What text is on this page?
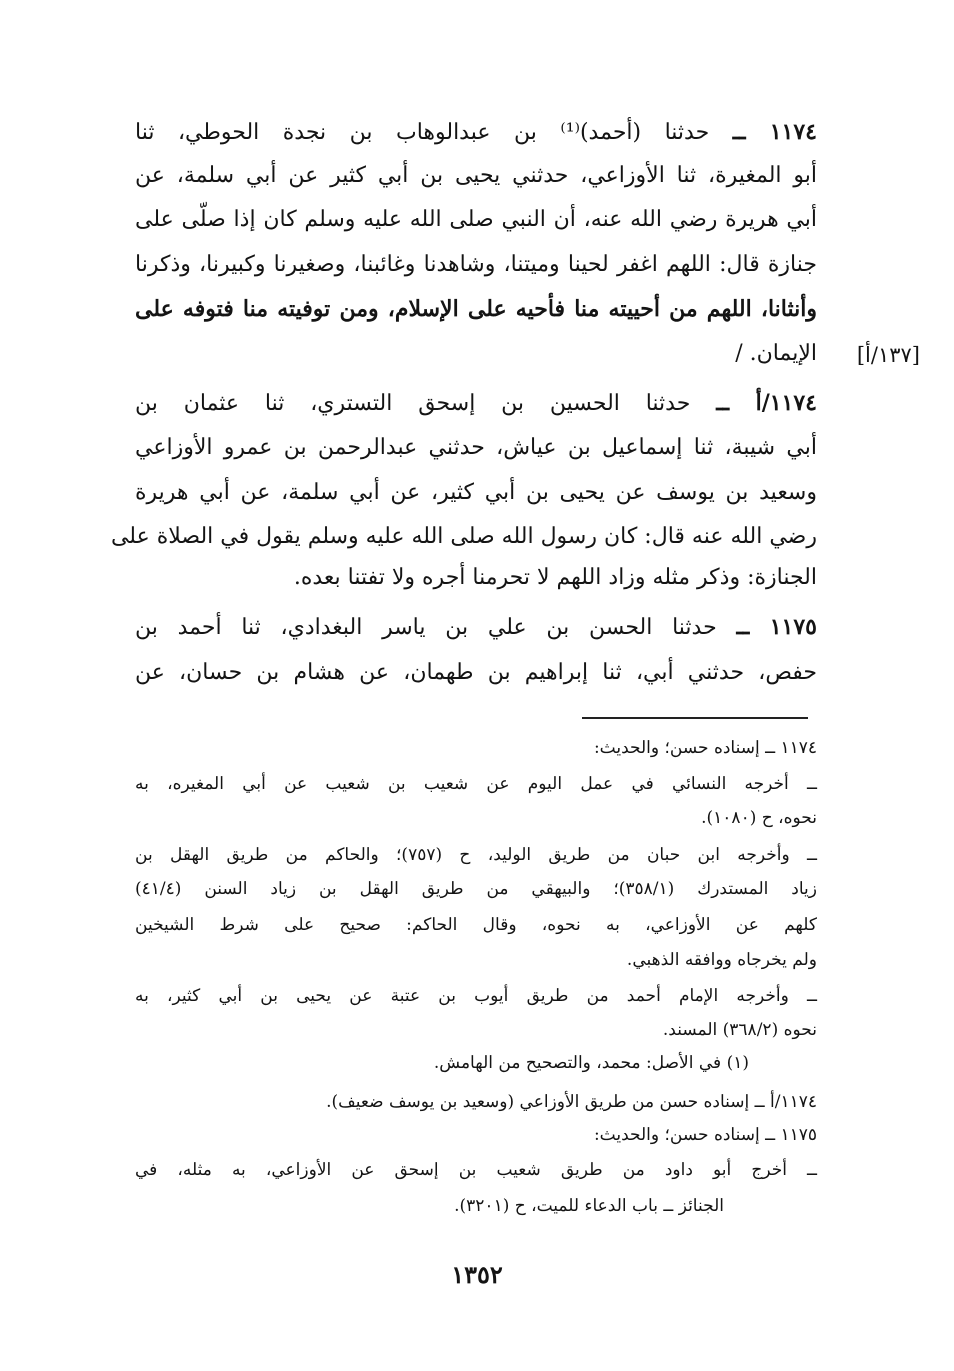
١١٧٤ ــ حدثنا (أحمد)⁽¹⁾ بن عبدالوهاب بن نجدة الحوطي، ثنا
أبو المغيرة، ثنا الأوزاعي، حدثني يحيى بن أبي كثير عن أبي سلمة، عن
أبي هريرة رضي الله عنه، أن النبي صلى الله عليه وسلم كان إذا صلّى على
جنازة قال: اللهم اغفر لحينا وميتنا، وشاهدنا وغائبنا، وصغيرنا وكبيرنا، وذكرنا
وأنثانا، اللهم من أحييته منا فأحيه على الإسلام، ومن توفيته منا فتوفه على
الإيمان. /
١١٧٤/أ ــ حدثنا الحسين بن إسحق التستري، ثنا عثمان بن
أبي شيبة، ثنا إسماعيل بن عياش، حدثني عبدالرحمن بن عمرو الأوزاعي
وسعيد بن يوسف عن يحيى بن أبي كثير، عن أبي سلمة، عن أبي هريرة
رضي الله عنه قال: كان رسول الله صلى الله عليه وسلم يقول في الصلاة على
الجنازة: وذكر مثله وزاد اللهم لا تحرمنا أجره ولا تفتنا بعده.
١١٧٥ ــ حدثنا الحسن بن علي بن ياسر البغدادي، ثنا أحمد بن
حفص، حدثني أبي، ثنا إبراهيم بن طهمان، عن هشام بن حسان، عن
[١٣٧/أ]
١١٧٤ ــ إسناده حسن؛ والحديث:
ــ أخرجه النسائي في عمل اليوم عن شعيب بن شعيب عن أبي المغيره، به
نحوه، ح (١٠٨٠).
ــ وأخرجه ابن حبان من طريق الوليد، ح (٧٥٧)؛ والحاكم من طريق الهقل بن
زياد المستدرك (٣٥٨/١)؛ والبيهقي من طريق الهقل بن زياد السنن (٤١/٤)
كلهم عن الأوزاعي، به نحوه، وقال الحاكم: صحيح على شرط الشيخين
ولم يخرجاه ووافقه الذهبي.
ــ وأخرجه الإمام أحمد من طريق أيوب بن عتبة عن يحيى بن أبي كثير، به
نحوه (٣٦٨/٢) المسند.
(١) في الأصل: محمد، والتصحيح من الهامش.
١١٧٤/أ ــ إسناده حسن من طريق الأوزاعي (وسعيد بن يوسف ضعيف).
١١٧٥ ــ إسناده حسن؛ والحديث:
ــ أخرج أبو داود من طريق شعيب بن إسحق عن الأوزاعي، به مثله، في
الجنائز ــ باب الدعاء للميت، ح (٣٢٠١).
١٣٥٢
